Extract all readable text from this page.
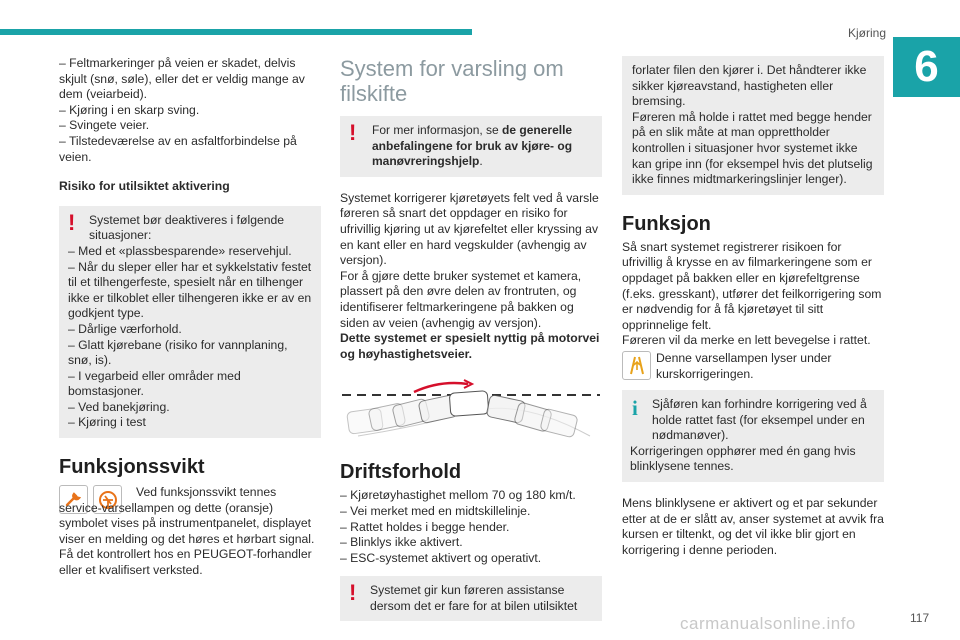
Kjøring
6

– Feltmarkeringer på veien er skadet, delvis skjult (snø, søle), eller det er veldig mange av dem (veiarbeid).

– Kjøring i en skarp sving.

– Svingete veier.

– Tilstedeværelse av en asfaltforbindelse på veien.

Risiko for utilsiktet aktivering

! Systemet bør deaktiveres i følgende situasjoner:

– Med et «plassbesparende» reservehjul.

– Når du sleper eller har et sykkelstativ festet til et tilhengerfeste, spesielt når en tilhenger ikke er tilkoblet eller tilhengeren ikke er av en godkjent type.

– Dårlige værforhold.

– Glatt kjørebane (risiko for vannplaning, snø, is).

– I vegarbeid eller områder med bomstasjoner.

– Ved banekjøring.

– Kjøring i test

Funksjonssvikt

Ved funksjonssvikt tennes service-varsellampen og dette (oransje) symbolet vises på instrumentpanelet, displayet viser en melding og det høres et hørbart signal.

Få det kontrollert hos en PEUGEOT-forhandler eller et kvalifisert verksted.

System for varsling om filskifte

! For mer informasjon, se de generelle anbefalingene for bruk av kjøre- og manøvreringshjelp.

Systemet korrigerer kjøretøyets felt ved å varsle føreren så snart det oppdager en risiko for ufrivillig kjøring ut av kjørefeltet eller kryssing av en kant eller en hard vegskulder (avhengig av versjon).

For å gjøre dette bruker systemet et kamera, plassert på den øvre delen av frontruten, og identifiserer feltmarkeringene på bakken og siden av veien (avhengig av versjon).

Dette systemet er spesielt nyttig på motorvei og høyhastighetsveier.

Driftsforhold

– Kjøretøyhastighet mellom 70 og 180 km/t.

– Vei merket med en midtskillelinje.

– Rattet holdes i begge hender.

– Blinklys ikke aktivert.

– ESC-systemet aktivert og operativt.

! Systemet gir kun føreren assistanse dersom det er fare for at bilen utilsiktet

forlater filen den kjører i. Det håndterer ikke sikker kjøreavstand, hastigheten eller bremsing.

Føreren må holde i rattet med begge hender på en slik måte at man opprettholder kontrollen i situasjoner hvor systemet ikke kan gripe inn (for eksempel hvis det plutselig ikke finnes midtmarkeringslinjer lenger).

Funksjon

Så snart systemet registrerer risikoen for ufrivillig å krysse en av filmarkeringene som er oppdaget på bakken eller en kjørefeltgrense (f.eks. gresskant), utfører det feilkorrigering som er nødvendig for å få kjøretøyet til sitt opprinnelige felt.

Føreren vil da merke en lett bevegelse i rattet.

Denne varsellampen lyser under kurskorrigeringen.

i Sjåføren kan forhindre korrigering ved å holde rattet fast (for eksempel under en nødmanøver).

Korrigeringen opphører med én gang hvis blinklysene tennes.

Mens blinklysene er aktivert og et par sekunder etter at de er slått av, anser systemet at avvik fra kursen er tiltenkt, og det vil ikke blir gjort en korrigering i denne perioden.

carmanualsonline.info	117
